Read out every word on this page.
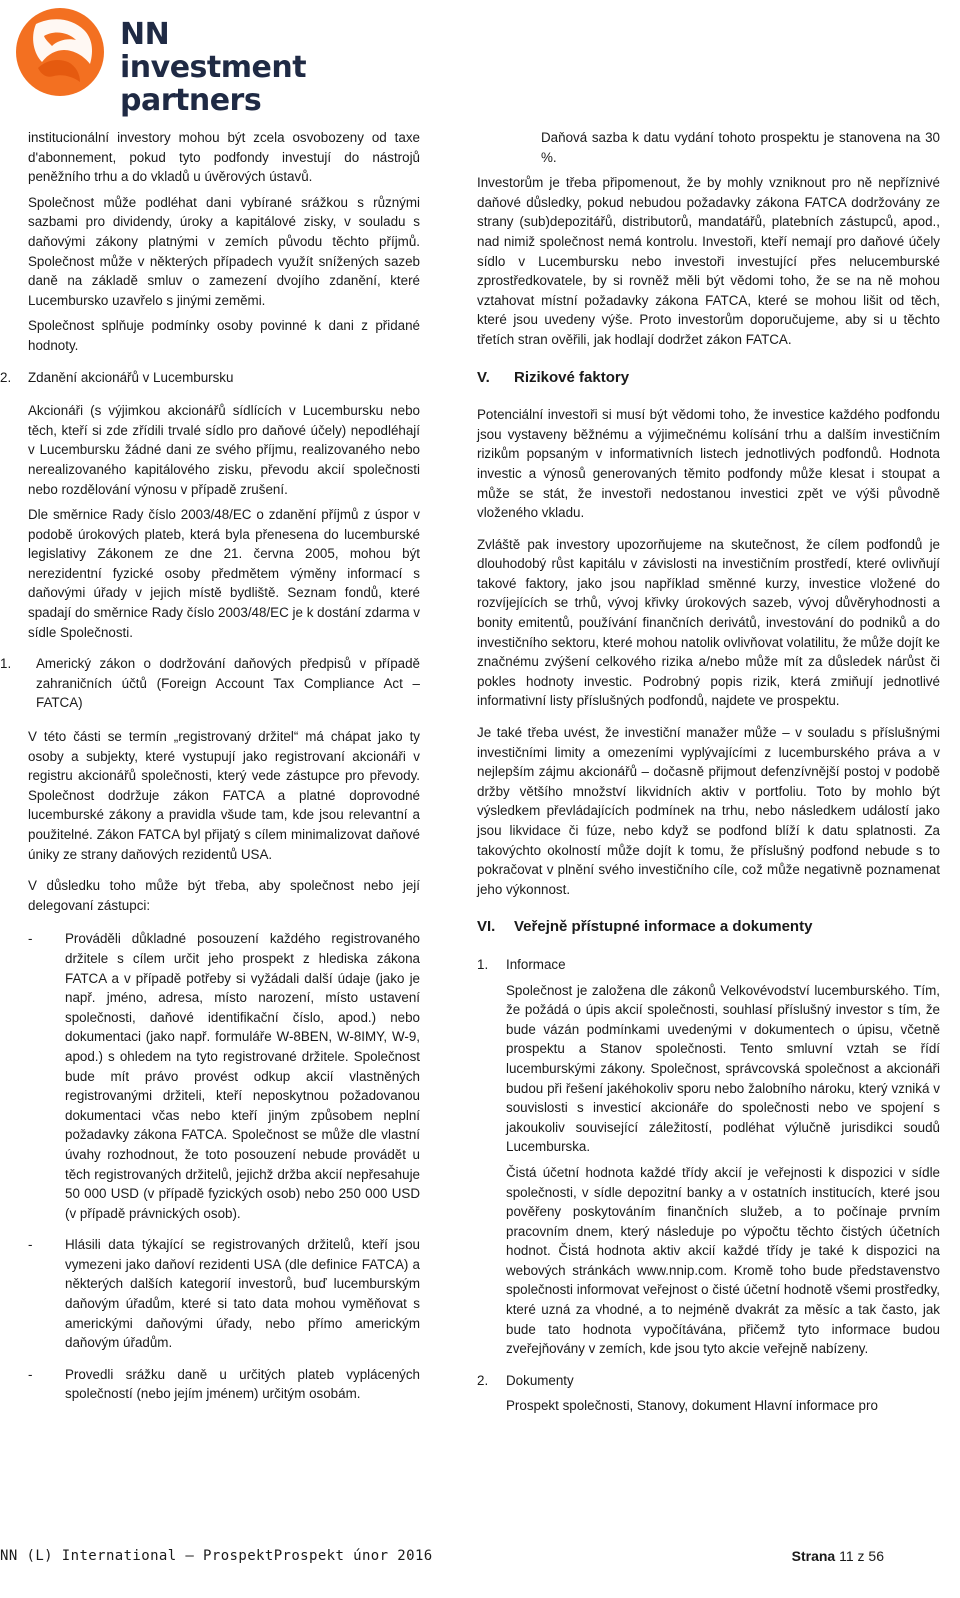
NN investment
partners

institucionální investory mohou být zcela osvobozeny od taxe d'abonnement, pokud tyto podfondy investují do nástrojů peněžního trhu a do vkladů u úvěrových ústavů.

Společnost může podléhat dani vybírané srážkou s různými sazbami pro dividendy, úroky a kapitálové zisky, v souladu s daňovými zákony platnými v zemích původu těchto příjmů. Společnost může v některých případech využít snížených sazeb daně na základě smluv o zamezení dvojího zdanění, které Lucembursko uzavřelo s jinými zeměmi.

Společnost splňuje podmínky osoby povinné k dani z přidané hodnoty.

2. Zdanění akcionářů v Lucembursku

Akcionáři (s výjimkou akcionářů sídlících v Lucembursku nebo těch, kteří si zde zřídili trvalé sídlo pro daňové účely) nepodléhají v Lucembursku žádné dani ze svého příjmu, realizovaného nebo nerealizovaného kapitálového zisku, převodu akcií společnosti nebo rozdělování výnosu v případě zrušení.

Dle směrnice Rady číslo 2003/48/EC o zdanění příjmů z úspor v podobě úrokových plateb, která byla přenesena do lucemburské legislativy Zákonem ze dne 21. června 2005, mohou být nerezidentní fyzické osoby předmětem výměny informací s daňovými úřady v jejich místě bydliště. Seznam fondů, které spadají do směrnice Rady číslo 2003/48/EC je k dostání zdarma v sídle Společnosti.

1. Americký zákon o dodržování daňových předpisů v případě zahraničních účtů (Foreign Account Tax Compliance Act – FATCA)

V této části se termín „registrovaný držitel“ má chápat jako ty osoby a subjekty, které vystupují jako registrovaní akcionáři v registru akcionářů společnosti, který vede zástupce pro převody. Společnost dodržuje zákon FATCA a platné doprovodné lucemburské zákony a pravidla všude tam, kde jsou relevantní a použitelné. Zákon FATCA byl přijatý s cílem minimalizovat daňové úniky ze strany daňových rezidentů USA.

V důsledku toho může být třeba, aby společnost nebo její delegovaní zástupci:

- Prováděli důkladné posouzení každého registrovaného držitele s cílem určit jeho prospekt z hlediska zákona FATCA a v případě potřeby si vyžádali další údaje (jako je např. jméno, adresa, místo narození, místo ustavení společnosti, daňové identifikační číslo, apod.) nebo dokumentaci (jako např. formuláře W-8BEN, W-8IMY, W-9, apod.) s ohledem na tyto registrované držitele. Společnost bude mít právo provést odkup akcií vlastněných registrovanými držiteli, kteří neposkytnou požadovanou dokumentaci včas nebo kteří jiným způsobem neplní požadavky zákona FATCA. Společnost se může dle vlastní úvahy rozhodnout, že toto posouzení nebude provádět u těch registrovaných držitelů, jejichž držba akcií nepřesahuje 50 000 USD (v případě fyzických osob) nebo 250 000 USD (v případě právnických osob).
- Hlásili data týkající se registrovaných držitelů, kteří jsou vymezeni jako daňoví rezidenti USA (dle definice FATCA) a některých dalších kategorií investorů, buď lucemburským daňovým úřadům, které si tato data mohou vyměňovat s americkými daňovými úřady, nebo přímo americkým daňovým úřadům.
- Provedli srážku daně u určitých plateb vyplácených společností (nebo jejím jménem) určitým osobám.

Daňová sazba k datu vydání tohoto prospektu je stanovena na 30 %.

Investorům je třeba připomenout, že by mohly vzniknout pro ně nepříznivé daňové důsledky, pokud nebudou požadavky zákona FATCA dodržovány ze strany (sub)depozitářů, distributorů, mandatářů, platebních zástupců, apod., nad nimiž společnost nemá kontrolu. Investoři, kteří nemají pro daňové účely sídlo v Lucembursku nebo investoři investující přes nelucemburské zprostředkovatele, by si rovněž měli být vědomi toho, že se na ně mohou vztahovat místní požadavky zákona FATCA, které se mohou lišit od těch, které jsou uvedeny výše. Proto investorům doporučujeme, aby si u těchto třetích stran ověřili, jak hodlají dodržet zákon FATCA.

V. Rizikové faktory

Potenciální investoři si musí být vědomi toho, že investice každého podfondu jsou vystaveny běžnému a výjimečnému kolísání trhu a dalším investičním rizikům popsaným v informativních listech jednotlivých podfondů. Hodnota investic a výnosů generovaných těmito podfondy může klesat i stoupat a může se stát, že investoři nedostanou investici zpět ve výši původně vloženého vkladu.

Zvláště pak investory upozorňujeme na skutečnost, že cílem podfondů je dlouhodobý růst kapitálu v závislosti na investičním prostředí, které ovlivňují takové faktory, jako jsou například směnné kurzy, investice vložené do rozvíjejících se trhů, vývoj křivky úrokových sazeb, vývoj důvěryhodnosti a bonity emitentů, používání finančních derivátů, investování do podniků a do investičního sektoru, které mohou natolik ovlivňovat volatilitu, že může dojít ke značnému zvýšení celkového rizika a/nebo může mít za důsledek nárůst či pokles hodnoty investic. Podrobný popis rizik, která zmiňují jednotlivé informativní listy příslušných podfondů, najdete ve prospektu.

Je také třeba uvést, že investiční manažer může – v souladu s příslušnými investičními limity a omezeními vyplývajícími z lucemburského práva a v nejlepším zájmu akcionářů – dočasně přijmout defenzívnější postoj v podobě držby většího množství likvidních aktiv v portfoliu. Toto by mohlo být výsledkem převládajících podmínek na trhu, nebo následkem událostí jako jsou likvidace či fúze, nebo když se podfond blíží k datu splatnosti. Za takovýchto okolností může dojít k tomu, že příslušný podfond nebude s to pokračovat v plnění svého investičního cíle, což může negativně poznamenat jeho výkonnost.

VI. Veřejně přístupné informace a dokumenty
1. Informace

Společnost je založena dle zákonů Velkovévodství lucemburského. Tím, že požádá o úpis akcií společnosti, souhlasí příslušný investor s tím, že bude vázán podmínkami uvedenými v dokumentech o úpisu, včetně prospektu a Stanov společnosti. Tento smluvní vztah se řídí lucemburskými zákony. Společnost, správcovská společnost a akcionáři budou při řešení jakéhokoliv sporu nebo žalobního nároku, který vzniká v souvislosti s investicí akcionáře do společnosti nebo ve spojení s jakoukoliv související záležitostí, podléhat výlučně jurisdikci soudů Lucemburska.

Čistá účetní hodnota každé třídy akcií je veřejnosti k dispozici v sídle společnosti, v sídle depozitní banky a v ostatních institucích, které jsou pověřeny poskytováním finančních služeb, a to počínaje prvním pracovním dnem, který následuje po výpočtu těchto čistých účetních hodnot. Čistá hodnota aktiv akcií každé třídy je také k dispozici na webových stránkách www.nnip.com. Kromě toho bude představenstvo společnosti informovat veřejnost o čisté účetní hodnotě všemi prostředky, které uzná za vhodné, a to nejméně dvakrát za měsíc a tak často, jak bude tato hodnota vypočítávána, přičemž tyto informace budou zveřejňovány v zemích, kde jsou tyto akcie veřejně nabízeny.

2. Dokumenty

Prospekt společnosti, Stanovy, dokument Hlavní informace pro

NN (L) International – ProspektProspekt únor 2016	Strana 11 z 56
